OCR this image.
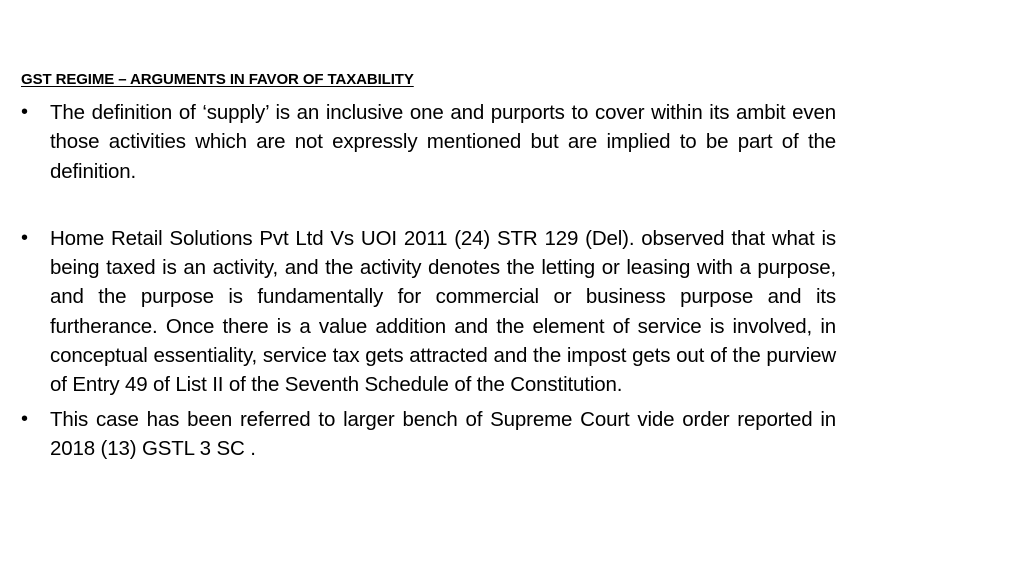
GST REGIME – ARGUMENTS IN FAVOR OF TAXABILITY
•	The definition of ‘supply’ is an inclusive one and purports to cover within its ambit even those activities which are not expressly mentioned but are implied to be part of the definition.
•	Home Retail Solutions Pvt Ltd Vs UOI 2011 (24) STR 129 (Del). observed that what is being taxed is an activity, and the activity denotes the letting or leasing with a purpose, and the purpose is fundamentally for commercial or business purpose and its furtherance. Once there is a value addition and the element of service is involved, in conceptual essentiality, service tax gets attracted and the impost gets out of the purview of Entry 49 of List II of the Seventh Schedule of the Constitution.
•	This case has been referred to larger bench of Supreme Court vide order reported in 2018 (13) GSTL 3 SC .
